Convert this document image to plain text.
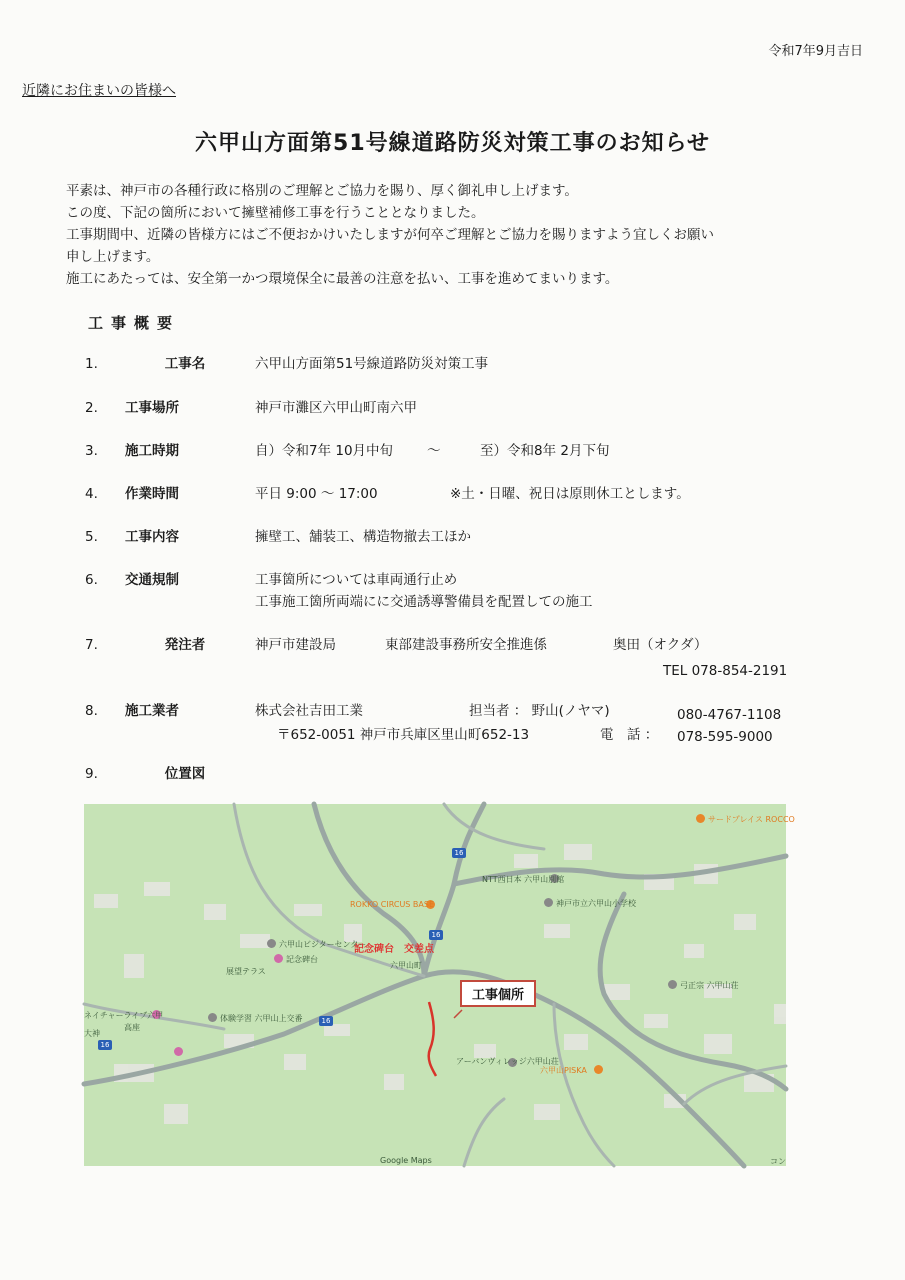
令和7年9月吉日
近隣にお住まいの皆様へ
六甲山方面第51号線道路防災対策工事のお知らせ

平素は、神戸市の各種行政に格別のご理解とご協力を賜り、厚く御礼申し上げます。

この度、下記の箇所において擁壁補修工事を行うこととなりました。

工事期間中、近隣の皆様方にはご不便おかけいたしますが何卒ご理解とご協力を賜りますよう宜しくお願い

申し上げます。

施工にあたっては、安全第一かつ環境保全に最善の注意を払い、工事を進めてまいります。

工事概要
1.	工事名	六甲山方面第51号線道路防災対策工事
2.	工事場所	神戸市灘区六甲山町南六甲
3.	施工時期	自）令和7年 10月中旬	～	至）令和8年 2月下旬
4.	作業時間	平日 9:00 ～ 17:00	※土・日曜、祝日は原則休工とします。
5.	工事内容	擁壁工、舗装工、構造物撤去工ほか
6.	交通規制	工事箇所については車両通行止め
工事施工箇所両端にに交通誘導警備員を配置しての施工
7.	発注者	神戸市建設局	東部建設事務所安全推進係	奥田（オクダ）
TEL 078-854-2191
8.	施工業者	株式会社吉田工業	担当者 ： 野山(ノヤマ)	080-4767-1108
〒652-0051 神戸市兵庫区里山町652-13	電　話 ： 078-595-9000
9.	位置図
16
16
16
16
サードプレイス ROCCO
ROKKO CIRCUS BASE
NTT西日本 六甲山別館
神戸市立六甲山小学校
六甲山ビジターセンター
記念碑台
展望テラス
記念碑台　交差点
六甲山町
体験学習 六甲山上交番
ネイチャーライブ六甲
高座
大神
アーバンヴィレッジ六甲山荘
六甲山PISKA
弓正宗 六甲山荘
Google Maps	コン
工事個所
